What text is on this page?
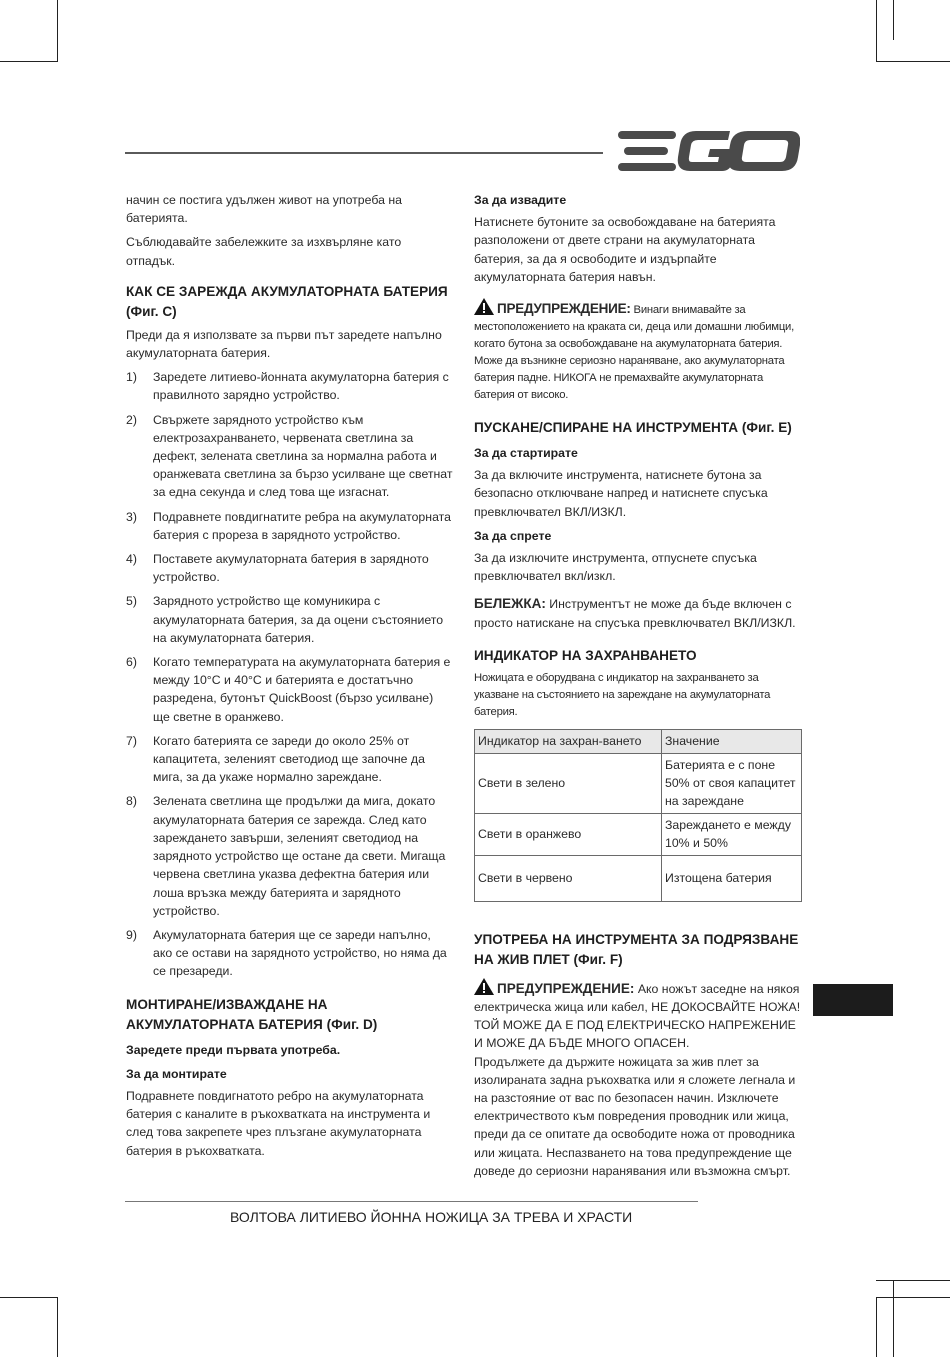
начин се постига удължен живот на употреба на батерията.

Съблюдавайте забележките за изхвърляне като отпадък.

КАК СЕ ЗАРЕЖДА АКУМУЛАТОРНАТА БАТЕРИЯ (Фиг. C)

Преди да я използвате за първи път заредете напълно акумулаторната батерия.

1) Заредете литиево-йонната акумулаторна батерия с правилното зарядно устройство.
2) Свържете зарядното устройство към електрозахранването, червената светлина за дефект, зелената светлина за нормална работа и оранжевата светлина за бързо усилване ще светнат за една секунда и след това ще изгаснат.
3) Подравнете повдигнатите ребра на акумулаторната батерия с прореза в зарядното устройство.
4) Поставете акумулаторната батерия в зарядното устройство.
5) Зарядното устройство ще комуникира с акумулаторната батерия, за да оцени състоянието на акумулаторната батерия.
6) Когато температурата на акумулаторната батерия е между 10°C и 40°C и батерията е достатъчно разредена, бутонът QuickBoost (бързо усилване) ще светне в оранжево.
7) Когато батерията се зареди до около 25% от капацитета, зеленият светодиод ще започне да мига, за да укаже нормално зареждане.
8) Зелената светлина ще продължи да мига, докато акумулаторната батерия се зарежда. След като зареждането завърши, зеленият светодиод на зарядното устройство ще остане да свети. Мигаща червена светлина указва дефектна батерия или лоша връзка между батерията и зарядното устройство.
9) Акумулаторната батерия ще се зареди напълно, ако се остави на зарядното устройство, но няма да се презареди.
МОНТИРАНЕ/ИЗВАЖДАНЕ НА АКУМУЛАТОРНАТА БАТЕРИЯ (Фиг. D)
Заредете преди първата употреба.
За да монтирате

Подравнете повдигнатото ребро на акумулаторната батерия с каналите в ръкохватката на инструмента и след това закрепете чрез плъзгане акумулаторната батерия в ръкохватката.

За да извадите

Натиснете бутоните за освобождаване на батерията разположени от двете страни на акумулаторната батерия, за да я освободите и издърпайте акумулаторната батерия навън.

ПРЕДУПРЕЖДЕНИЕ: Винаги внимавайте за местоположението на краката си, деца или домашни любимци, когато бутона за освобождаване на акумулаторната батерия. Може да възникне сериозно нараняване, ако акумулаторната батерия падне. НИКОГА не премахвайте акумулаторната батерия от високо.

ПУСКАНЕ/СПИРАНЕ НА ИНСТРУМЕНТА (Фиг. E)
За да стартирате

За да включите инструмента, натиснете бутона за безопасно отключване напред и натиснете спусъка превключвател ВКЛ/ИЗКЛ.

За да спрете

За да изключите инструмента, отпуснете спусъка превключвател вкл/изкл.

БЕЛЕЖКА: Инструментът не може да бъде включен с просто натискане на спусъка превключвател ВКЛ/ИЗКЛ.

ИНДИКАТОР НА ЗАХРАНВАНЕТО

Ножицата е оборудвана с индикатор на захранването за указване на състоянието на зареждане на акумулаторната батерия.

Индикатор на захран-ването	Значение
Свети в зелено	Батерията е с поне 50% от своя капацитет на зареждане
Свети в оранжево	Зареждането е между 10% и 50%
Свети в червено	Изтощена батерия
УПОТРЕБА НА ИНСТРУМЕНТА ЗА ПОДРЯЗВАНЕ НА ЖИВ ПЛЕТ (Фиг. F)

ПРЕДУПРЕЖДЕНИЕ: Ако ножът заседне на някоя електрическа жица или кабел, НЕ ДОКОСВАЙТЕ НОЖА! ТОЙ МОЖЕ ДА Е ПОД ЕЛЕКТРИЧЕСКО НАПРЕЖЕНИЕ И МОЖЕ ДА БЪДЕ МНОГО ОПАСЕН.

Продължете да държите ножицата за жив плет за изолираната задна ръкохватка или я сложете легнала и на разстояние от вас по безопасен начин. Изключете електричеството към повредения проводник или жица, преди да се опитате да освободите ножа от проводника или жицата. Неспазването на това предупреждение ще доведе до сериозни наранявания или възможна смърт.

ВОЛТОВА ЛИТИЕВО ЙОННА НОЖИЦА ЗА ТРЕВА И ХРАСТИ
